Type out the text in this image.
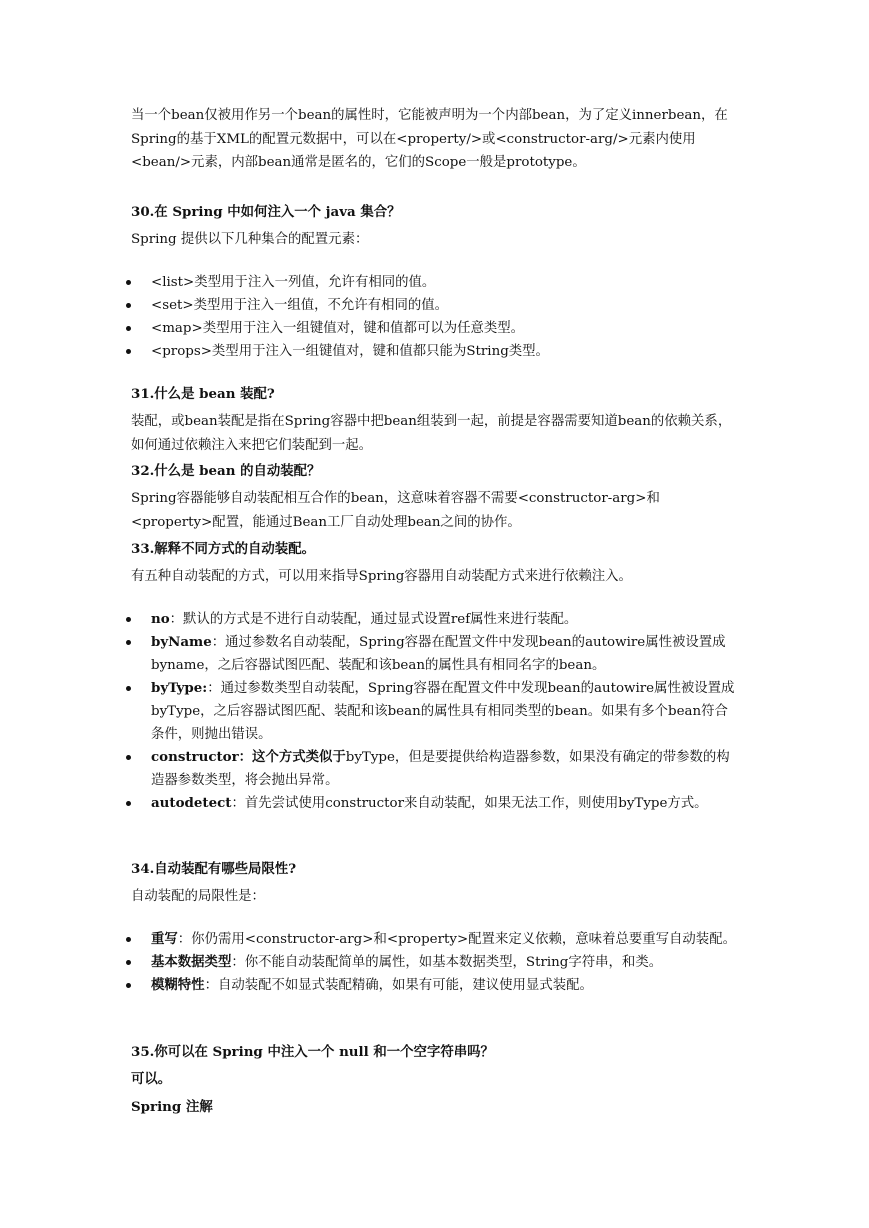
当一个bean仅被用作另一个bean的属性时，它能被声明为一个内部bean，为了定义innerbean，在Spring的基于XML的配置元数据中，可以在<property/>或<constructor-arg/>元素内使用<bean/>元素，内部bean通常是匿名的，它们的Scope一般是prototype。

30.在 Spring 中如何注入一个 java 集合？

Spring 提供以下几种集合的配置元素：

<list>类型用于注入一列值，允许有相同的值。
<set>类型用于注入一组值，不允许有相同的值。
<map>类型用于注入一组键值对，键和值都可以为任意类型。
<props>类型用于注入一组键值对，键和值都只能为String类型。

31.什么是 bean 装配?

装配，或bean装配是指在Spring容器中把bean组装到一起，前提是容器需要知道bean的依赖关系，如何通过依赖注入来把它们装配到一起。

32.什么是 bean 的自动装配？

Spring容器能够自动装配相互合作的bean，这意味着容器不需要<constructor-arg>和<property>配置，能通过Bean工厂自动处理bean之间的协作。

33.解释不同方式的自动装配。

有五种自动装配的方式，可以用来指导Spring容器用自动装配方式来进行依赖注入。

no：默认的方式是不进行自动装配，通过显式设置ref属性来进行装配。
byName：通过参数名自动装配，Spring容器在配置文件中发现bean的autowire属性被设置成byname，之后容器试图匹配、装配和该bean的属性具有相同名字的bean。
byType:：通过参数类型自动装配，Spring容器在配置文件中发现bean的autowire属性被设置成byType，之后容器试图匹配、装配和该bean的属性具有相同类型的bean。如果有多个bean符合条件，则抛出错误。
constructor：这个方式类似于byType，但是要提供给构造器参数，如果没有确定的带参数的构造器参数类型，将会抛出异常。
autodetect：首先尝试使用constructor来自动装配，如果无法工作，则使用byType方式。

34.自动装配有哪些局限性?

自动装配的局限性是：

重写：你仍需用<constructor-arg>和<property>配置来定义依赖，意味着总要重写自动装配。
基本数据类型：你不能自动装配简单的属性，如基本数据类型，String字符串，和类。
模糊特性：自动装配不如显式装配精确，如果有可能，建议使用显式装配。

35.你可以在 Spring 中注入一个 null 和一个空字符串吗？

可以。

Spring 注解
